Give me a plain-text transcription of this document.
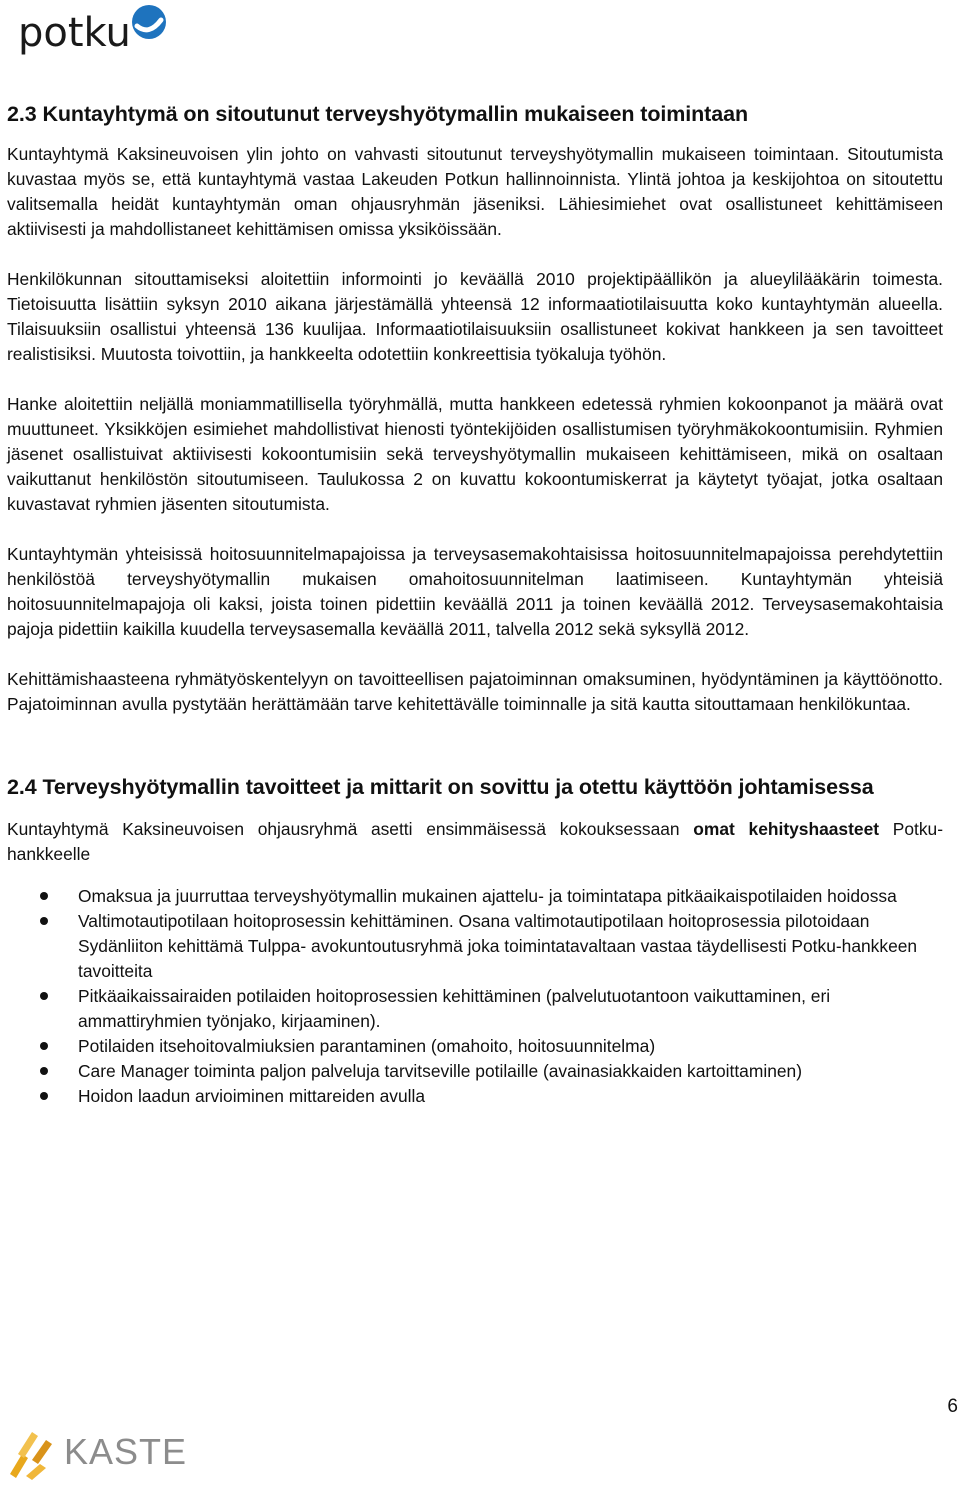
potku
2.3 Kuntayhtymä on sitoutunut terveyshyötymallin mukaiseen toimintaan

Kuntayhtymä Kaksineuvoisen ylin johto on vahvasti sitoutunut terveyshyötymallin mukaiseen toimintaan. Sitoutumista kuvastaa myös se, että kuntayhtymä vastaa Lakeuden Potkun hallinnoinnista. Ylintä johtoa ja keskijohtoa on sitoutettu valitsemalla heidät kuntayhtymän oman ohjausryhmän jäseniksi. Lähiesimiehet ovat osallistuneet kehittämiseen aktiivisesti ja mahdollistaneet kehittämisen omissa yksiköissään.

Henkilökunnan sitouttamiseksi aloitettiin informointi jo keväällä 2010 projektipäällikön ja alueylilääkärin toimesta. Tietoisuutta lisättiin syksyn 2010 aikana järjestämällä yhteensä 12 informaatiotilaisuutta koko kuntayhtymän alueella. Tilaisuuksiin osallistui yhteensä 136 kuulijaa. Informaatiotilaisuuksiin osallistuneet kokivat hankkeen ja sen tavoitteet realistisiksi. Muutosta toivottiin, ja hankkeelta odotettiin konkreettisia työkaluja työhön.

Hanke aloitettiin neljällä moniammatillisella työryhmällä, mutta hankkeen edetessä ryhmien kokoonpanot ja määrä ovat muuttuneet. Yksikköjen esimiehet mahdollistivat hienosti työntekijöiden osallistumisen työryhmäkokoontumisiin. Ryhmien jäsenet osallistuivat aktiivisesti kokoontumisiin sekä terveyshyötymallin mukaiseen kehittämiseen, mikä on osaltaan vaikuttanut henkilöstön sitoutumiseen. Taulukossa 2 on kuvattu kokoontumiskerrat ja käytetyt työajat, jotka osaltaan kuvastavat ryhmien jäsenten sitoutumista.

Kuntayhtymän yhteisissä hoitosuunnitelmapajoissa ja terveysasemakohtaisissa hoitosuunnitelmapajoissa perehdytettiin henkilöstöä terveyshyötymallin mukaisen omahoitosuunnitelman laatimiseen. Kuntayhtymän yhteisiä hoitosuunnitelmapajoja oli kaksi, joista toinen pidettiin keväällä 2011 ja toinen keväällä 2012. Terveysasemakohtaisia pajoja pidettiin kaikilla kuudella terveysasemalla keväällä 2011, talvella 2012 sekä syksyllä 2012.

Kehittämishaasteena ryhmätyöskentelyyn on tavoitteellisen pajatoiminnan omaksuminen, hyödyntäminen ja käyttöönotto. Pajatoiminnan avulla pystytään herättämään tarve kehitettävälle toiminnalle ja sitä kautta sitouttamaan henkilökuntaa.

2.4 Terveyshyötymallin tavoitteet ja mittarit on sovittu ja otettu käyttöön johtamisessa

Kuntayhtymä Kaksineuvoisen ohjausryhmä asetti ensimmäisessä kokouksessaan omat kehityshaasteet Potku-hankkeelle

Omaksua ja juurruttaa terveyshyötymallin mukainen ajattelu- ja toimintatapa pitkäaikaispotilaiden hoidossa
Valtimotautipotilaan hoitoprosessin kehittäminen. Osana valtimotautipotilaan hoitoprosessia pilotoidaan Sydänliiton kehittämä Tulppa- avokuntoutusryhmä joka toimintatavaltaan vastaa täydellisesti Potku-hankkeen tavoitteita
Pitkäaikaissairaiden potilaiden hoitoprosessien kehittäminen (palvelutuotantoon vaikuttaminen, eri ammattiryhmien työnjako, kirjaaminen).
Potilaiden itsehoitovalmiuksien parantaminen (omahoito, hoitosuunnitelma)
Care Manager toiminta paljon palveluja tarvitseville potilaille (avainasiakkaiden kartoittaminen)
Hoidon laadun arvioiminen mittareiden avulla
6
KASTE
